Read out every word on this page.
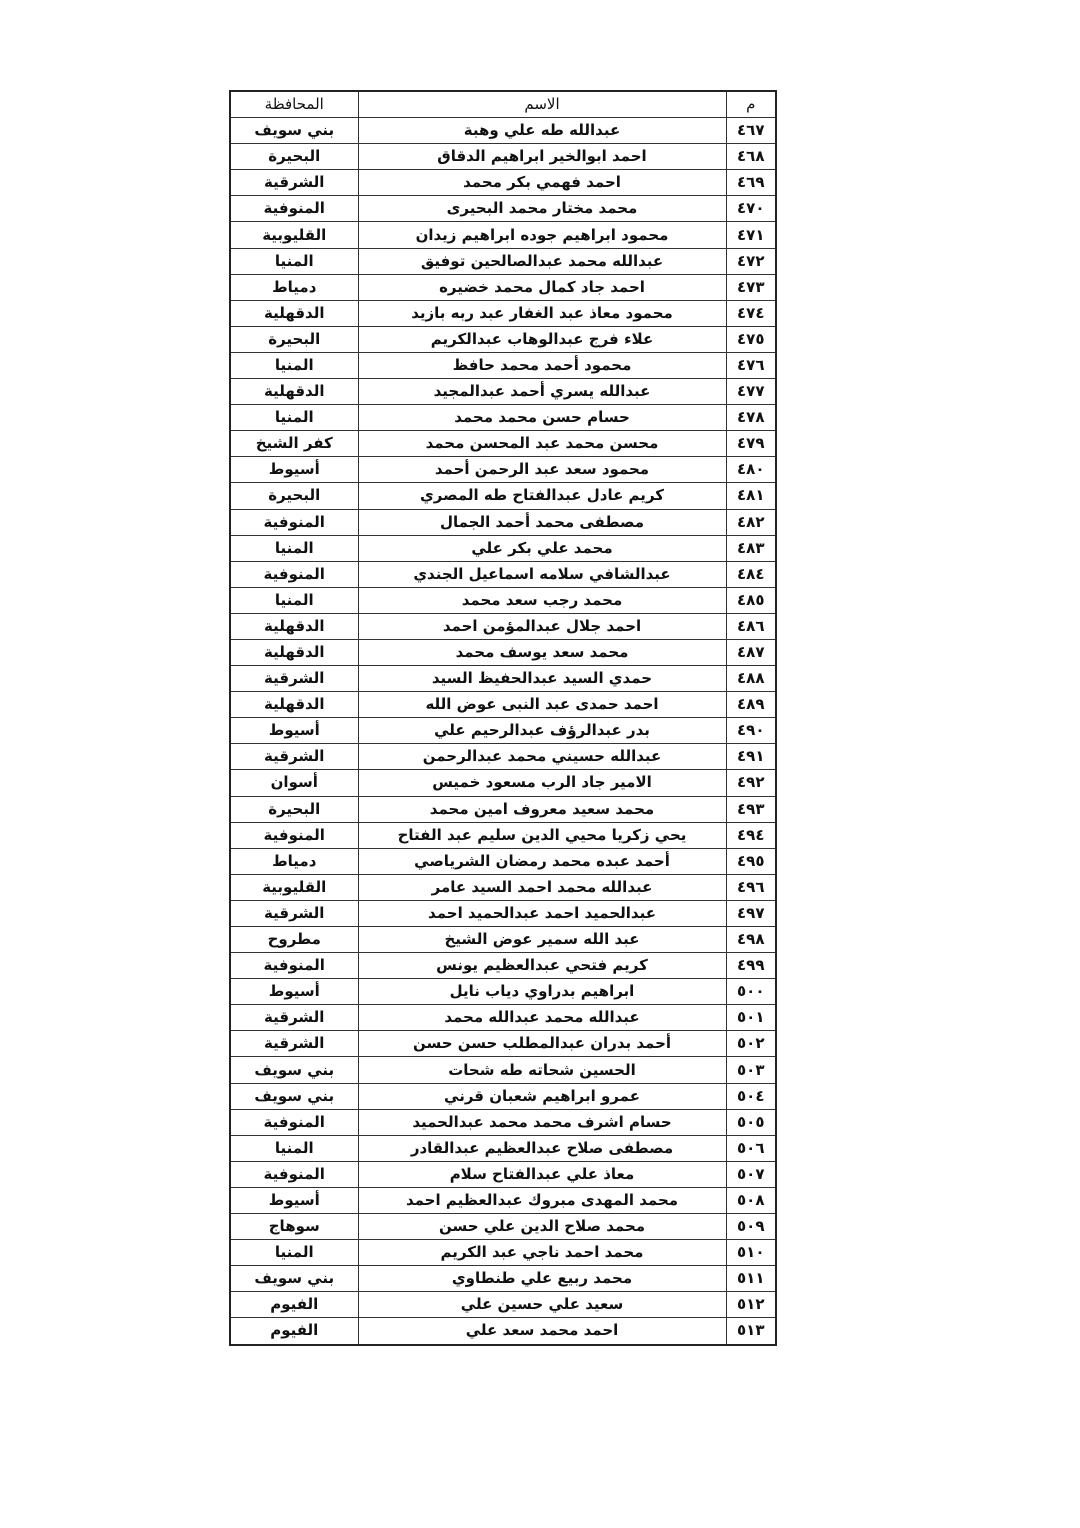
م	الاسم	المحافظة
٤٦٧	عبدالله طه علي وهبة	بني سويف
٤٦٨	احمد ابوالخير ابراهيم الدقاق	البحيرة
٤٦٩	احمد فهمي بكر محمد	الشرقية
٤٧٠	محمد مختار محمد البحيرى	المنوفية
٤٧١	محمود ابراهيم جوده ابراهيم زيدان	القليوبية
٤٧٢	عبدالله محمد عبدالصالحين توفيق	المنيا
٤٧٣	احمد جاد كمال محمد خضيره	دمياط
٤٧٤	محمود معاذ عبد الغفار عبد ربه بازيد	الدقهلية
٤٧٥	علاء فرج عبدالوهاب عبدالكريم	البحيرة
٤٧٦	محمود أحمد محمد حافظ	المنيا
٤٧٧	عبدالله يسري أحمد عبدالمجيد	الدقهلية
٤٧٨	حسام حسن محمد محمد	المنيا
٤٧٩	محسن محمد عبد المحسن محمد	كفر الشيخ
٤٨٠	محمود سعد عبد الرحمن أحمد	أسيوط
٤٨١	كريم عادل عبدالفتاح طه المصري	البحيرة
٤٨٢	مصطفى محمد أحمد الجمال	المنوفية
٤٨٣	محمد علي بكر علي	المنيا
٤٨٤	عبدالشافي سلامه اسماعيل الجندي	المنوفية
٤٨٥	محمد رجب سعد محمد	المنيا
٤٨٦	احمد جلال عبدالمؤمن احمد	الدقهلية
٤٨٧	محمد سعد يوسف محمد	الدقهلية
٤٨٨	حمدي السيد عبدالحفيظ السيد	الشرقية
٤٨٩	احمد حمدى عبد النبى عوض الله	الدقهلية
٤٩٠	بدر عبدالرؤف عبدالرحيم علي	أسيوط
٤٩١	عبدالله حسيني محمد عبدالرحمن	الشرقية
٤٩٢	الامير جاد الرب مسعود خميس	أسوان
٤٩٣	محمد سعيد معروف امين محمد	البحيرة
٤٩٤	يحي زكريا محيي الدين سليم عبد الفتاح	المنوفية
٤٩٥	أحمد عبده محمد رمضان الشرياصي	دمياط
٤٩٦	عبدالله محمد احمد السيد عامر	القليوبية
٤٩٧	عبدالحميد احمد عبدالحميد احمد	الشرقية
٤٩٨	عبد الله سمير عوض الشيخ	مطروح
٤٩٩	كريم فتحي عبدالعظيم يونس	المنوفية
٥٠٠	ابراهيم بدراوي دياب نايل	أسيوط
٥٠١	عبدالله محمد عبدالله محمد	الشرقية
٥٠٢	أحمد بدران عبدالمطلب حسن حسن	الشرقية
٥٠٣	الحسين شحاته طه شحات	بني سويف
٥٠٤	عمرو ابراهيم شعبان قرني	بني سويف
٥٠٥	حسام اشرف محمد محمد عبدالحميد	المنوفية
٥٠٦	مصطفى صلاح عبدالعظيم عبدالقادر	المنيا
٥٠٧	معاذ علي عبدالفتاح سلام	المنوفية
٥٠٨	محمد المهدى مبروك عبدالعظيم احمد	أسيوط
٥٠٩	محمد صلاح الدين علي حسن	سوهاج
٥١٠	محمد احمد ناجي عبد الكريم	المنيا
٥١١	محمد ربيع علي طنطاوي	بني سويف
٥١٢	سعيد علي حسين علي	الفيوم
٥١٣	احمد محمد سعد علي	الفيوم
